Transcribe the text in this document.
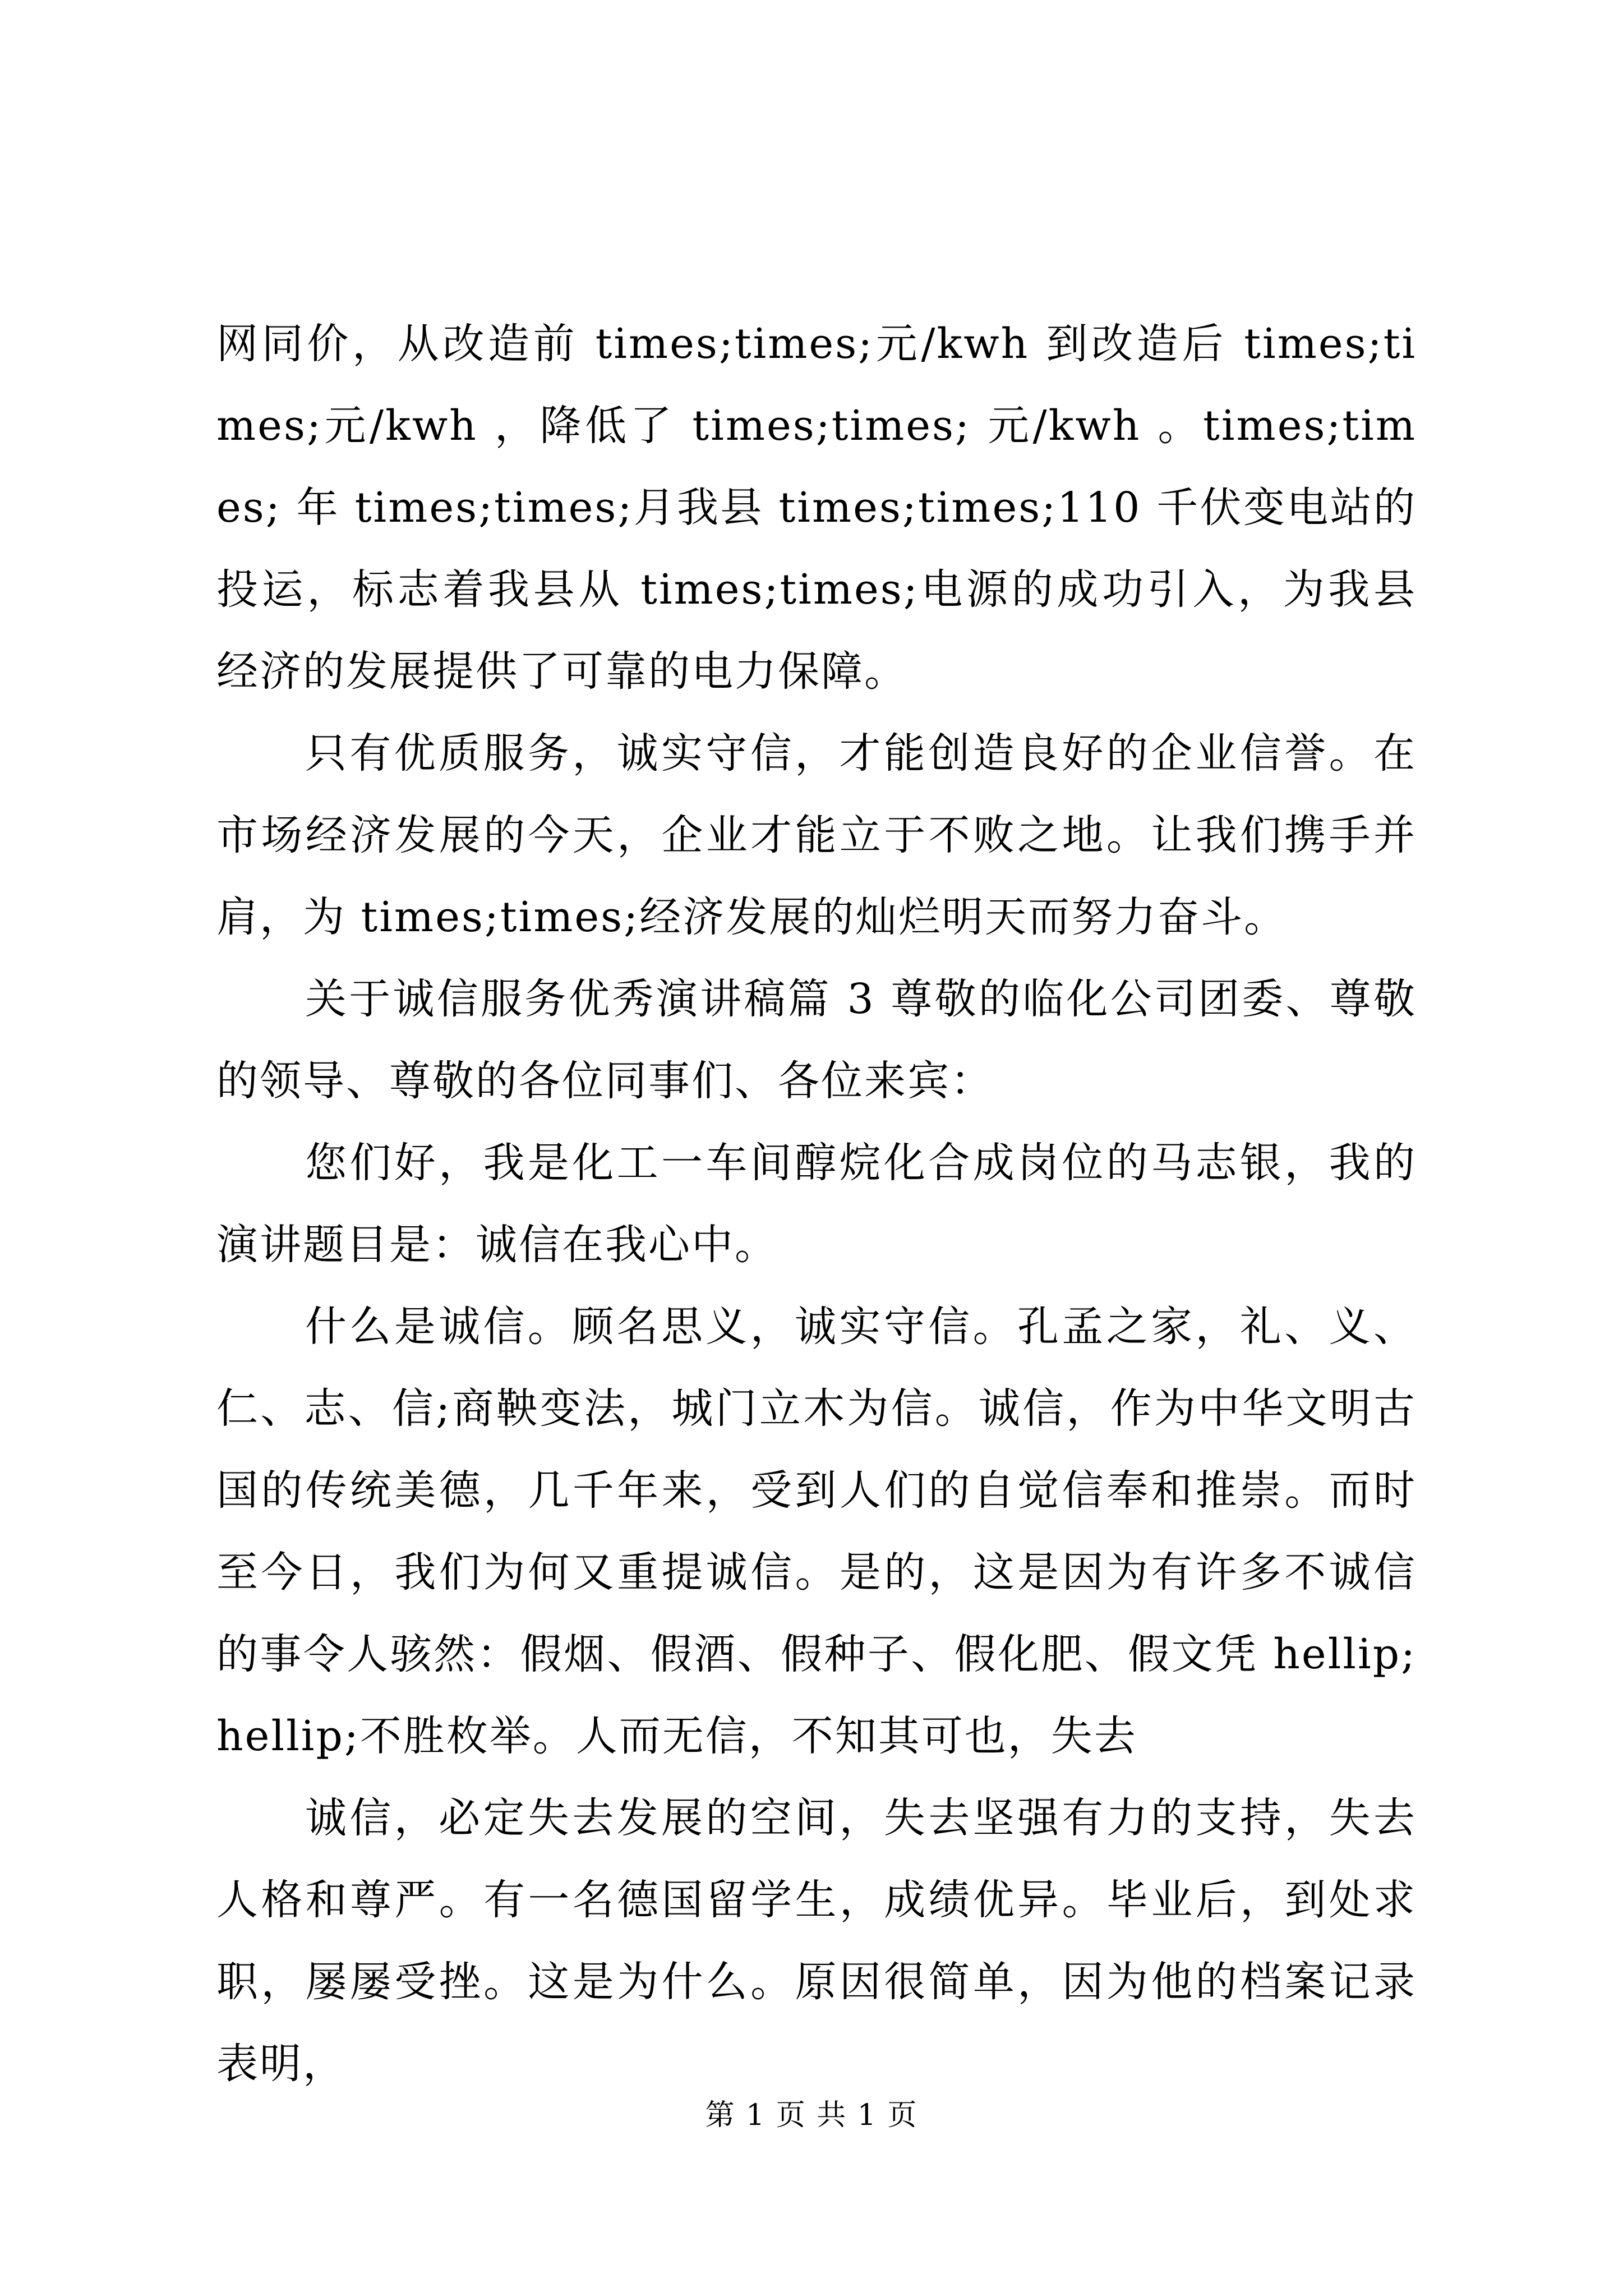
网同价，从改造前 times;times;元/kwh 到改造后 times;times;元/kwh ，降低了 times;times; 元/kwh 。times;times; 年 times;times;月我县 times;times;110 千伏变电站的投运，标志着我县从 times;times;电源的成功引入，为我县经济的发展提供了可靠的电力保障。

只有优质服务，诚实守信，才能创造良好的企业信誉。在市场经济发展的今天，企业才能立于不败之地。让我们携手并肩，为 times;times;经济发展的灿烂明天而努力奋斗。

关于诚信服务优秀演讲稿篇 3 尊敬的临化公司团委、尊敬的领导、尊敬的各位同事们、各位来宾：

您们好，我是化工一车间醇烷化合成岗位的马志银，我的演讲题目是：诚信在我心中。

什么是诚信。顾名思义，诚实守信。孔孟之家，礼、义、仁、志、信;商鞅变法，城门立木为信。诚信，作为中华文明古国的传统美德，几千年来，受到人们的自觉信奉和推崇。而时至今日，我们为何又重提诚信。是的，这是因为有许多不诚信的事令人骇然：假烟、假酒、假种子、假化肥、假文凭 hellip;hellip;不胜枚举。人而无信，不知其可也，失去

诚信，必定失去发展的空间，失去坚强有力的支持，失去人格和尊严。有一名德国留学生，成绩优异。毕业后，到处求职，屡屡受挫。这是为什么。原因很简单，因为他的档案记录表明，

第 1 页 共 1 页
